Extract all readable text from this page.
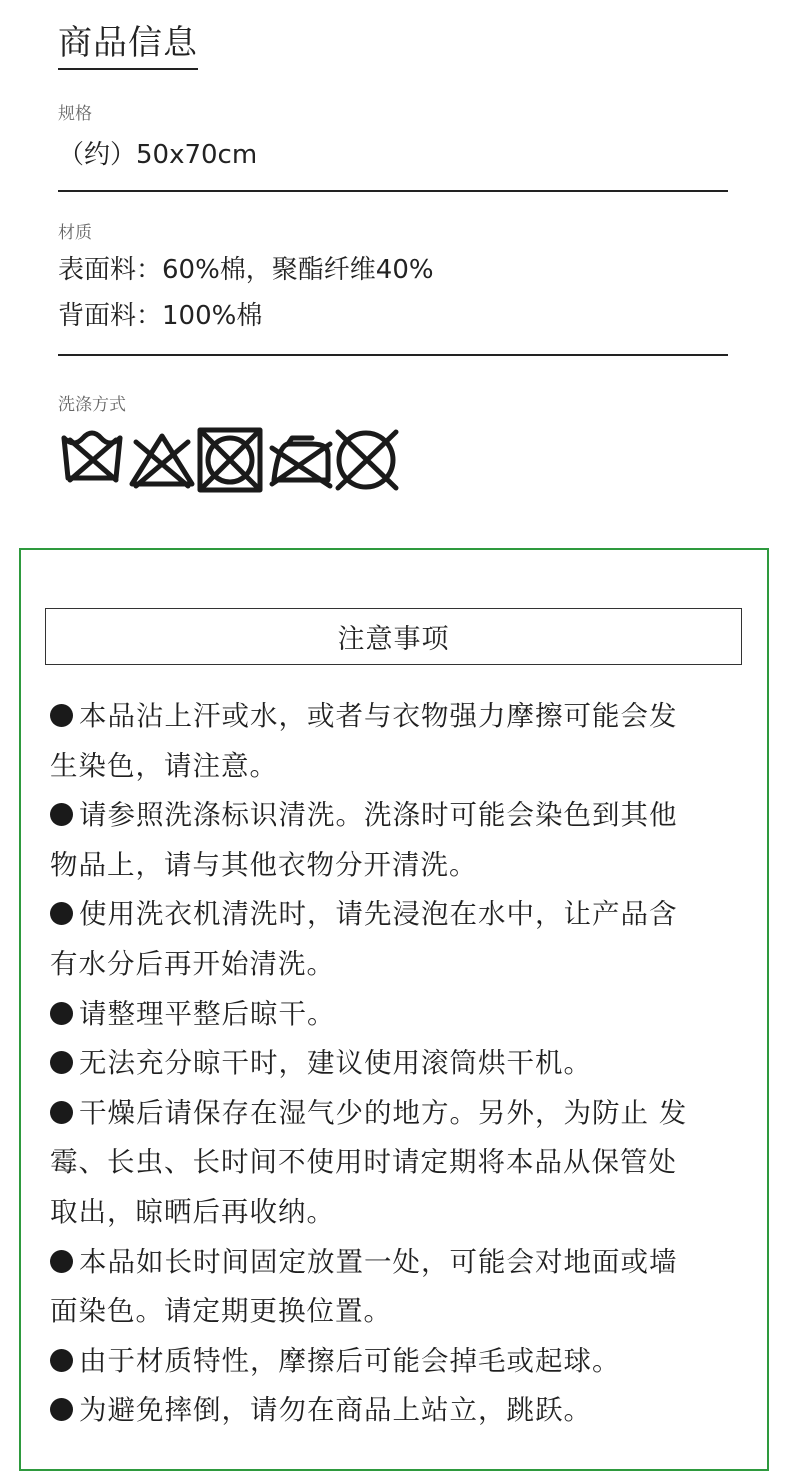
商品信息
规格
（约）50x70cm
材质
表面料：60%棉，聚酯纤维40%
背面料：100%棉
洗涤方式
注意事项
本品沾上汗或水，或者与衣物强力摩擦可能会发
生染色，请注意。
请参照洗涤标识清洗。洗涤时可能会染色到其他
物品上，请与其他衣物分开清洗。
使用洗衣机清洗时，请先浸泡在水中，让产品含
有水分后再开始清洗。
请整理平整后晾干。
无法充分晾干时，建议使用滚筒烘干机。
干燥后请保存在湿气少的地方。另外，为防止 发
霉、长虫、长时间不使用时请定期将本品从保管处
取出，晾晒后再收纳。
本品如长时间固定放置一处，可能会对地面或墙
面染色。请定期更换位置。
由于材质特性，摩擦后可能会掉毛或起球。
为避免摔倒，请勿在商品上站立，跳跃。
